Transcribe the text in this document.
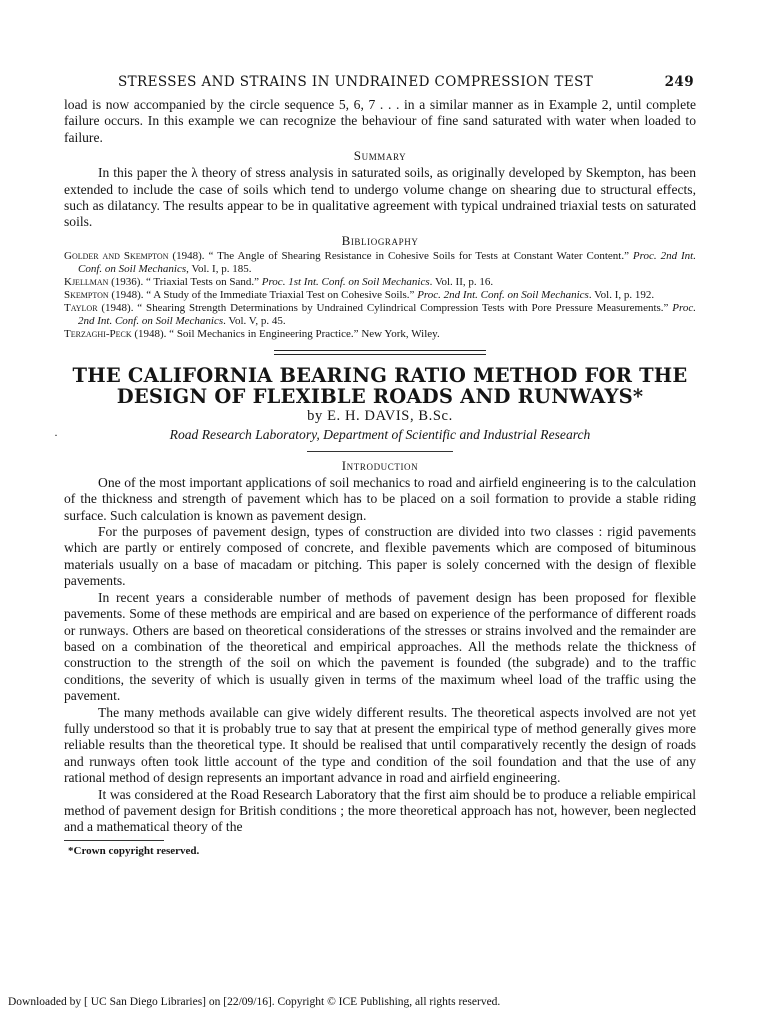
STRESSES AND STRAINS IN UNDRAINED COMPRESSION TEST	249

load is now accompanied by the circle sequence 5, 6, 7 . . . in a similar manner as in Example 2, until complete failure occurs. In this example we can recognize the behaviour of fine sand saturated with water when loaded to failure.

Summary

In this paper the λ theory of stress analysis in saturated soils, as originally developed by Skempton, has been extended to include the case of soils which tend to undergo volume change on shearing due to structural effects, such as dilatancy. The results appear to be in qualitative agreement with typical undrained triaxial tests on saturated soils.

Bibliography

Golder and Skempton (1948). “ The Angle of Shearing Resistance in Cohesive Soils for Tests at Constant Water Content.” Proc. 2nd Int. Conf. on Soil Mechanics, Vol. I, p. 185.

Kjellman (1936). “ Triaxial Tests on Sand.” Proc. 1st Int. Conf. on Soil Mechanics. Vol. II, p. 16.

Skempton (1948). “ A Study of the Immediate Triaxial Test on Cohesive Soils.” Proc. 2nd Int. Conf. on Soil Mechanics. Vol. I, p. 192.

Taylor (1948). “ Shearing Strength Determinations by Undrained Cylindrical Compression Tests with Pore Pressure Measurements.” Proc. 2nd Int. Conf. on Soil Mechanics. Vol. V, p. 45.

Terzaghi-Peck (1948). “ Soil Mechanics in Engineering Practice.” New York, Wiley.

THE CALIFORNIA BEARING RATIO METHOD FOR THE
DESIGN OF FLEXIBLE ROADS AND RUNWAYS*
by E. H. DAVIS, B.Sc.
Road Research Laboratory, Department of Scientific and Industrial Research
Introduction

One of the most important applications of soil mechanics to road and airfield engineering is to the calculation of the thickness and strength of pavement which has to be placed on a soil formation to provide a stable riding surface. Such calculation is known as pavement design.

For the purposes of pavement design, types of construction are divided into two classes : rigid pavements which are partly or entirely composed of concrete, and flexible pavements which are composed of bituminous materials usually on a base of macadam or pitching. This paper is solely concerned with the design of flexible pavements.

In recent years a considerable number of methods of pavement design has been proposed for flexible pavements. Some of these methods are empirical and are based on experience of the performance of different roads or runways. Others are based on theoretical considerations of the stresses or strains involved and the remainder are based on a combination of the theoretical and empirical approaches. All the methods relate the thickness of construction to the strength of the soil on which the pavement is founded (the subgrade) and to the traffic conditions, the severity of which is usually given in terms of the maximum wheel load of the traffic using the pavement.

The many methods available can give widely different results. The theoretical aspects involved are not yet fully understood so that it is probably true to say that at present the empirical type of method generally gives more reliable results than the theoretical type. It should be realised that until comparatively recently the design of roads and runways often took little account of the type and condition of the soil foundation and that the use of any rational method of design represents an important advance in road and airfield engineering.

It was considered at the Road Research Laboratory that the first aim should be to produce a reliable empirical method of pavement design for British conditions ; the more theoretical approach has not, however, been neglected and a mathematical theory of the

*Crown copyright reserved.
·
Downloaded by [ UC San Diego Libraries] on [22/09/16]. Copyright © ICE Publishing, all rights reserved.
